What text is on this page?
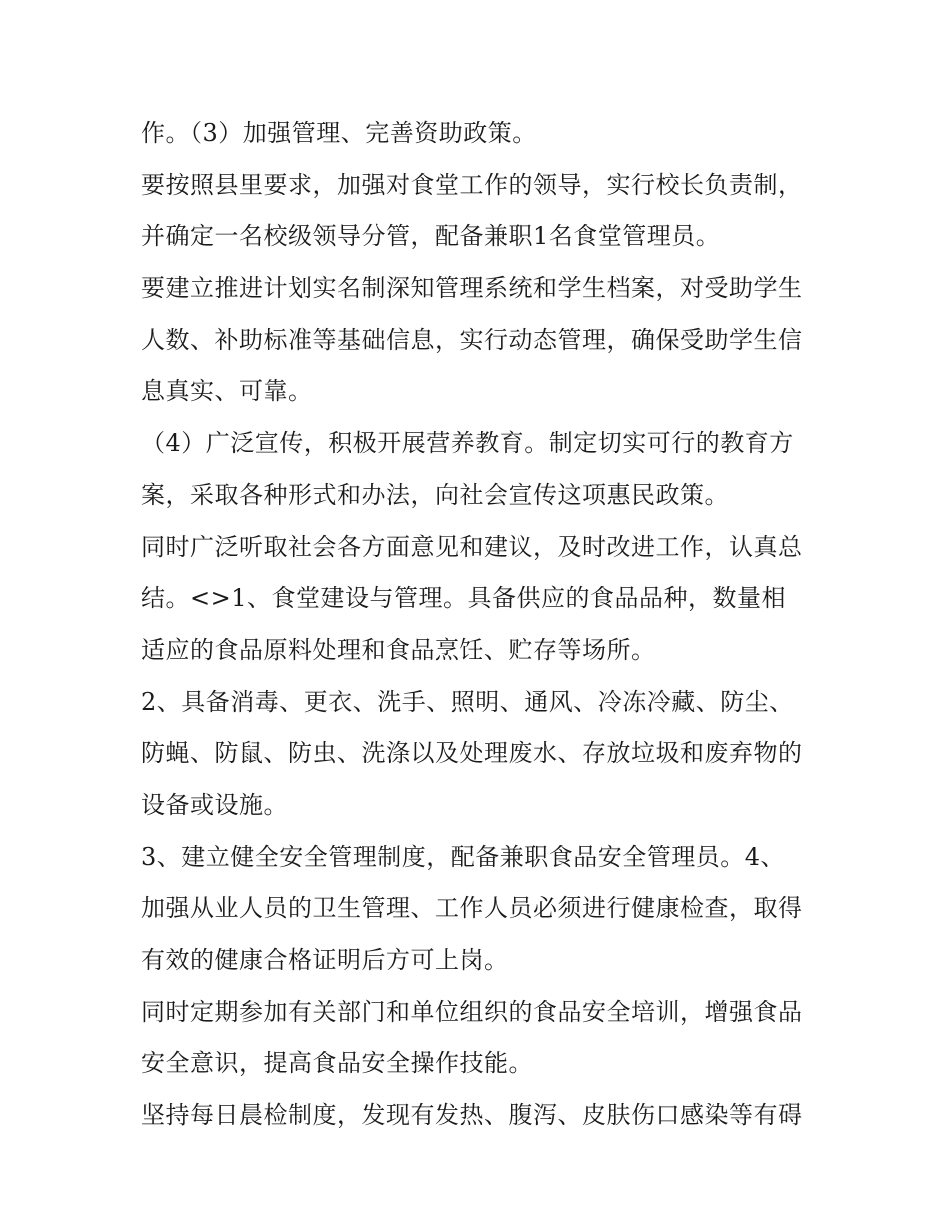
作。（3）加强管理、完善资助政策。
要按照县里要求，加强对食堂工作的领导，实行校长负责制，
并确定一名校级领导分管，配备兼职1名食堂管理员。
要建立推进计划实名制深知管理系统和学生档案，对受助学生
人数、补助标准等基础信息，实行动态管理，确保受助学生信
息真实、可靠。
（4）广泛宣传，积极开展营养教育。制定切实可行的教育方
案，采取各种形式和办法，向社会宣传这项惠民政策。
同时广泛听取社会各方面意见和建议，及时改进工作，认真总
结。<>1、食堂建设与管理。具备供应的食品品种，数量相
适应的食品原料处理和食品烹饪、贮存等场所。
2、具备消毒、更衣、洗手、照明、通风、冷冻冷藏、防尘、
防蝇、防鼠、防虫、洗涤以及处理废水、存放垃圾和废弃物的
设备或设施。
3、建立健全安全管理制度，配备兼职食品安全管理员。4、
加强从业人员的卫生管理、工作人员必须进行健康检查，取得
有效的健康合格证明后方可上岗。
同时定期参加有关部门和单位组织的食品安全培训，增强食品
安全意识，提高食品安全操作技能。
坚持每日晨检制度，发现有发热、腹泻、皮肤伤口感染等有碍
